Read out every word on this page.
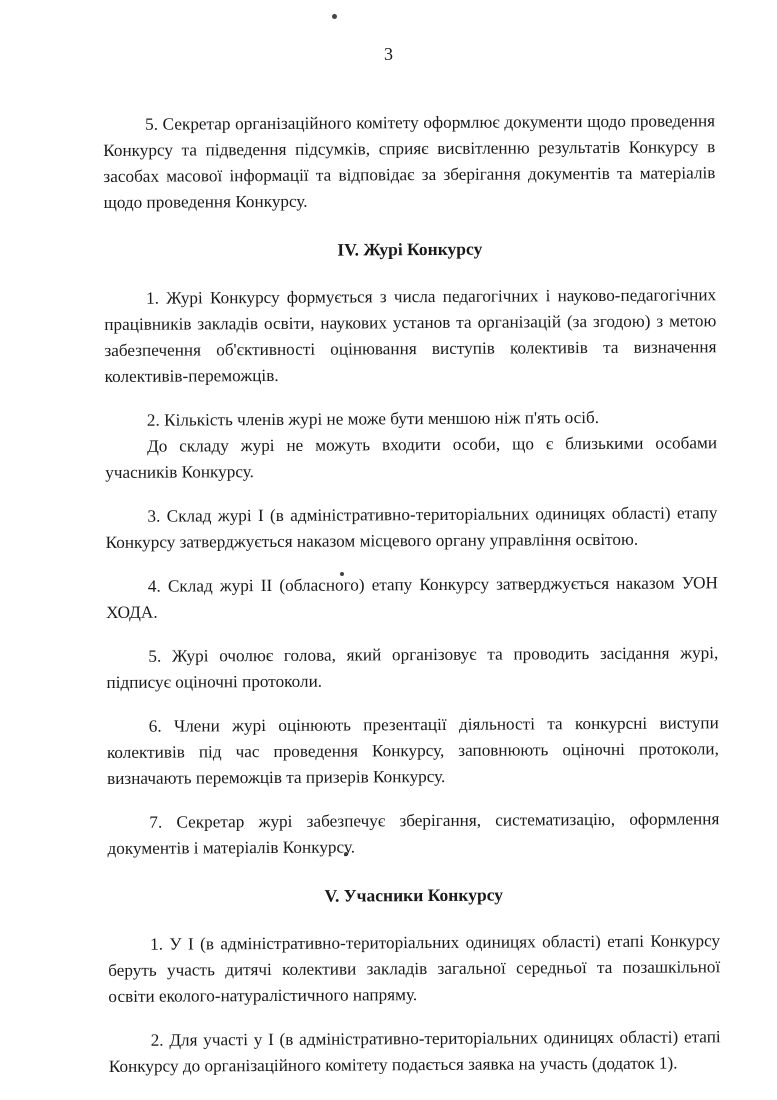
3

5. Секретар організаційного комітету оформлює документи щодо проведення Конкурсу та підведення підсумків, сприяє висвітленню результатів Конкурсу в засобах масової інформації та відповідає за зберігання документів та матеріалів щодо проведення Конкурсу.

IV. Журі Конкурсу

1. Журі Конкурсу формується з числа педагогічних і науково-педагогічних працівників закладів освіти, наукових установ та організацій (за згодою) з метою забезпечення об'єктивності оцінювання виступів колективів та визначення колективів-переможців.

2. Кількість членів журі не може бути меншою ніж п'ять осіб.

До складу журі не можуть входити особи, що є близькими особами учасників Конкурсу.

3. Склад журі І (в адміністративно-територіальних одиницях області) етапу Конкурсу затверджується наказом місцевого органу управління освітою.

4. Склад журі ІІ (обласного) етапу Конкурсу затверджується наказом УОН ХОДА.

5. Журі очолює голова, який організовує та проводить засідання журі, підписує оціночні протоколи.

6. Члени журі оцінюють презентації діяльності та конкурсні виступи колективів під час проведення Конкурсу, заповнюють оціночні протоколи, визначають переможців та призерів Конкурсу.

7. Секретар журі забезпечує зберігання, систематизацію, оформлення документів і матеріалів Конкурсу.

V. Учасники Конкурсу

1. У І (в адміністративно-територіальних одиницях області) етапі Конкурсу беруть участь дитячі колективи закладів загальної середньої та позашкільної освіти еколого-натуралістичного напряму.

2. Для участі у І (в адміністративно-територіальних одиницях області) етапі Конкурсу до організаційного комітету подається заявка на участь (додаток 1).
